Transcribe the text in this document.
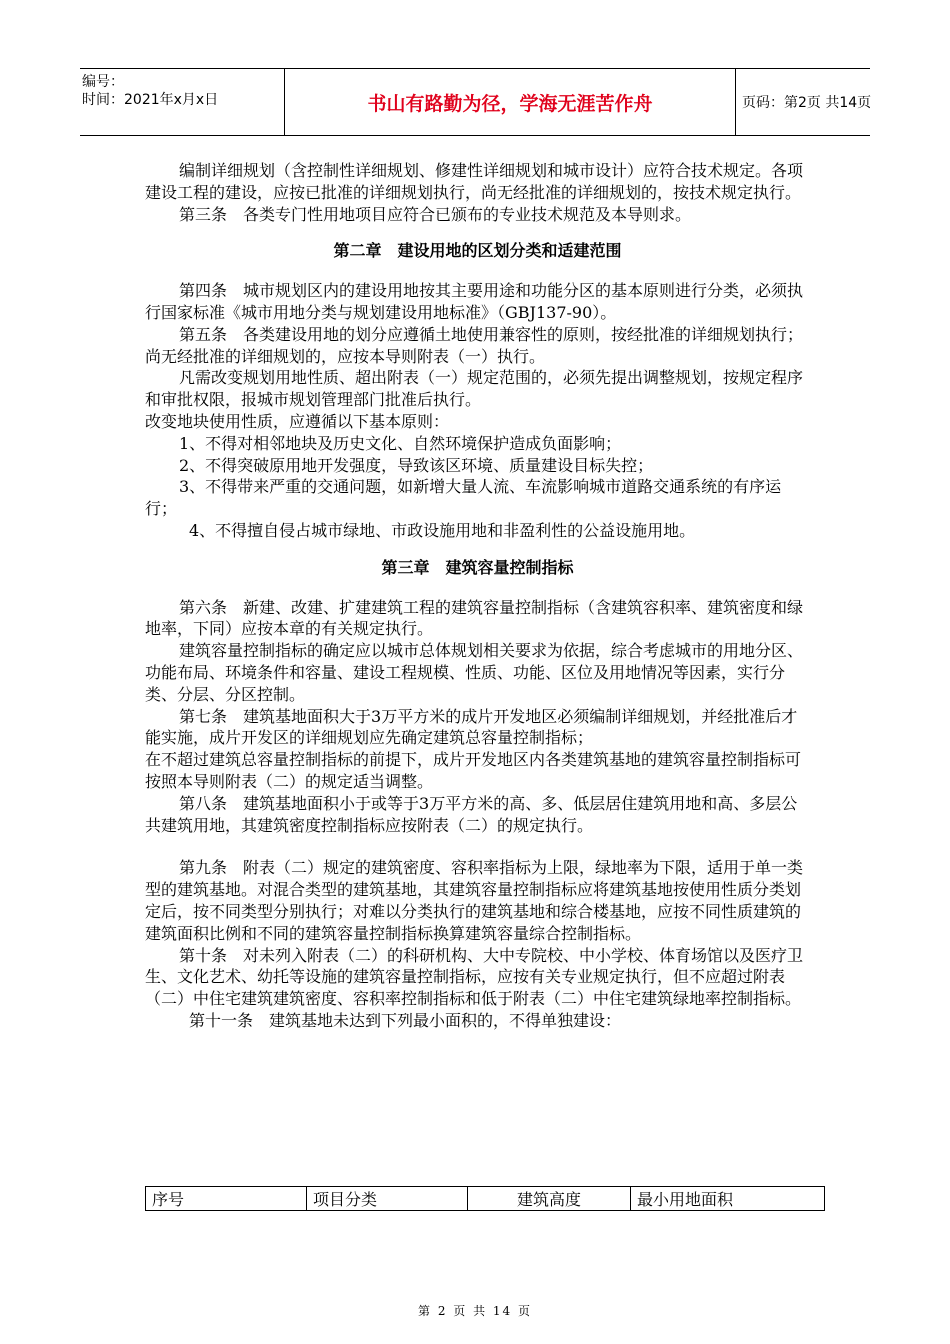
编号：
时间：2021年x月x日	书山有路勤为径，学海无涯苦作舟	页码：第2页 共14页

编制详细规划（含控制性详细规划、修建性详细规划和城市设计）应符合技术规定。各项建设工程的建设，应按已批准的详细规划执行，尚无经批准的详细规划的，按技术规定执行。

第三条 各类专门性用地项目应符合已颁布的专业技术规范及本导则求。

第二章　建设用地的区划分类和适建范围

第四条 城市规划区内的建设用地按其主要用途和功能分区的基本原则进行分类，必须执行国家标准《城市用地分类与规划建设用地标准》（GBJ137-90）。

第五条 各类建设用地的划分应遵循土地使用兼容性的原则，按经批准的详细规划执行；尚无经批准的详细规划的，应按本导则附表（一）执行。

凡需改变规划用地性质、超出附表（一）规定范围的，必须先提出调整规划，按规定程序和审批权限，报城市规划管理部门批准后执行。

改变地块使用性质，应遵循以下基本原则：

1、不得对相邻地块及历史文化、自然环境保护造成负面影响；

2、不得突破原用地开发强度，导致该区环境、质量建设目标失控；

3、不得带来严重的交通问题，如新增大量人流、车流影响城市道路交通系统的有序运行；

4、不得擅自侵占城市绿地、市政设施用地和非盈利性的公益设施用地。

第三章　建筑容量控制指标

第六条 新建、改建、扩建建筑工程的建筑容量控制指标（含建筑容积率、建筑密度和绿地率，下同）应按本章的有关规定执行。

建筑容量控制指标的确定应以城市总体规划相关要求为依据，综合考虑城市的用地分区、功能布局、环境条件和容量、建设工程规模、性质、功能、区位及用地情况等因素，实行分类、分层、分区控制。

第七条 建筑基地面积大于3万平方米的成片开发地区必须编制详细规划，并经批准后才能实施，成片开发区的详细规划应先确定建筑总容量控制指标；

在不超过建筑总容量控制指标的前提下，成片开发地区内各类建筑基地的建筑容量控制指标可按照本导则附表（二）的规定适当调整。

第八条 建筑基地面积小于或等于3万平方米的高、多、低层居住建筑用地和高、多层公共建筑用地，其建筑密度控制指标应按附表（二）的规定执行。

第九条 附表（二）规定的建筑密度、容积率指标为上限，绿地率为下限，适用于单一类型的建筑基地。对混合类型的建筑基地，其建筑容量控制指标应将建筑基地按使用性质分类划定后，按不同类型分别执行；对难以分类执行的建筑基地和综合楼基地，应按不同性质建筑的建筑面积比例和不同的建筑容量控制指标换算建筑容量综合控制指标。

第十条 对未列入附表（二）的科研机构、大中专院校、中小学校、体育场馆以及医疗卫生、文化艺术、幼托等设施的建筑容量控制指标，应按有关专业规定执行，但不应超过附表（二）中住宅建筑建筑密度、容积率控制指标和低于附表（二）中住宅建筑绿地率控制指标。

第十一条 建筑基地未达到下列最小面积的，不得单独建设：

序号	项目分类	建筑高度	最小用地面积
第 2 页 共 14 页
